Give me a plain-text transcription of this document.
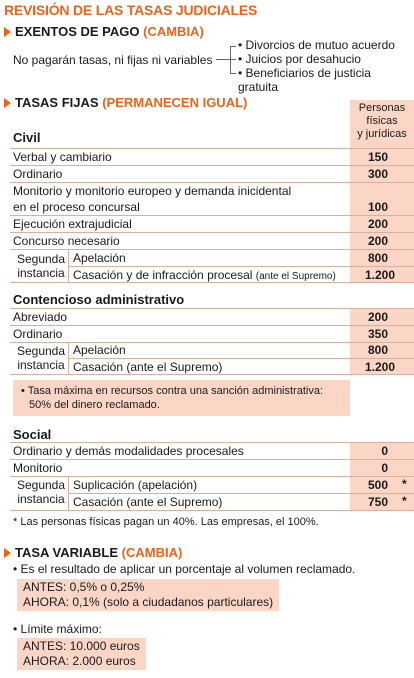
REVISIÓN DE LAS TASAS JUDICIALES
EXENTOS DE PAGO
(CAMBIA)
No pagarán tasas, ni fijas ni variables
• Divorcios de mutuo acuerdo
• Juicios por desahucio
• Beneficiarios de justicia gratuita
TASAS FIJAS
(PERMANECEN IGUAL)	Personas
físicas
y jurídicas
Civil
Verbal y cambiario	150
Ordinario	300
Monitorio y monitorio europeo y demanda inicidental
en el proceso concursal	100
Ejecución extrajudicial	200
Concurso necesario	200
Segunda
instancia
Apelación	800
Casación y de infracción procesal (ante el Supremo)	1.200
Contencioso administrativo
Abreviado	200
Ordinario	350
Segunda
instancia
Apelación	800
Casación (ante el Supremo)	1.200
• Tasa máxima en recursos contra una sanción administrativa:
50% del dinero reclamado.
Social
Ordinario y demás modalidades procesales	0
Monitorio	0
Segunda
instancia
Suplicación (apelación)	500	*
Casación (ante el Supremo)	750	*
* Las personas físicas pagan un 40%. Las empresas, el 100%.
TASA VARIABLE
(CAMBIA)
• Es el resultado de aplicar un porcentaje al volumen reclamado.
ANTES: 0,5% o 0,25%
AHORA: 0,1% (solo a ciudadanos particulares)
• Límite máximo:
ANTES: 10.000 euros
AHORA: 2.000 euros
